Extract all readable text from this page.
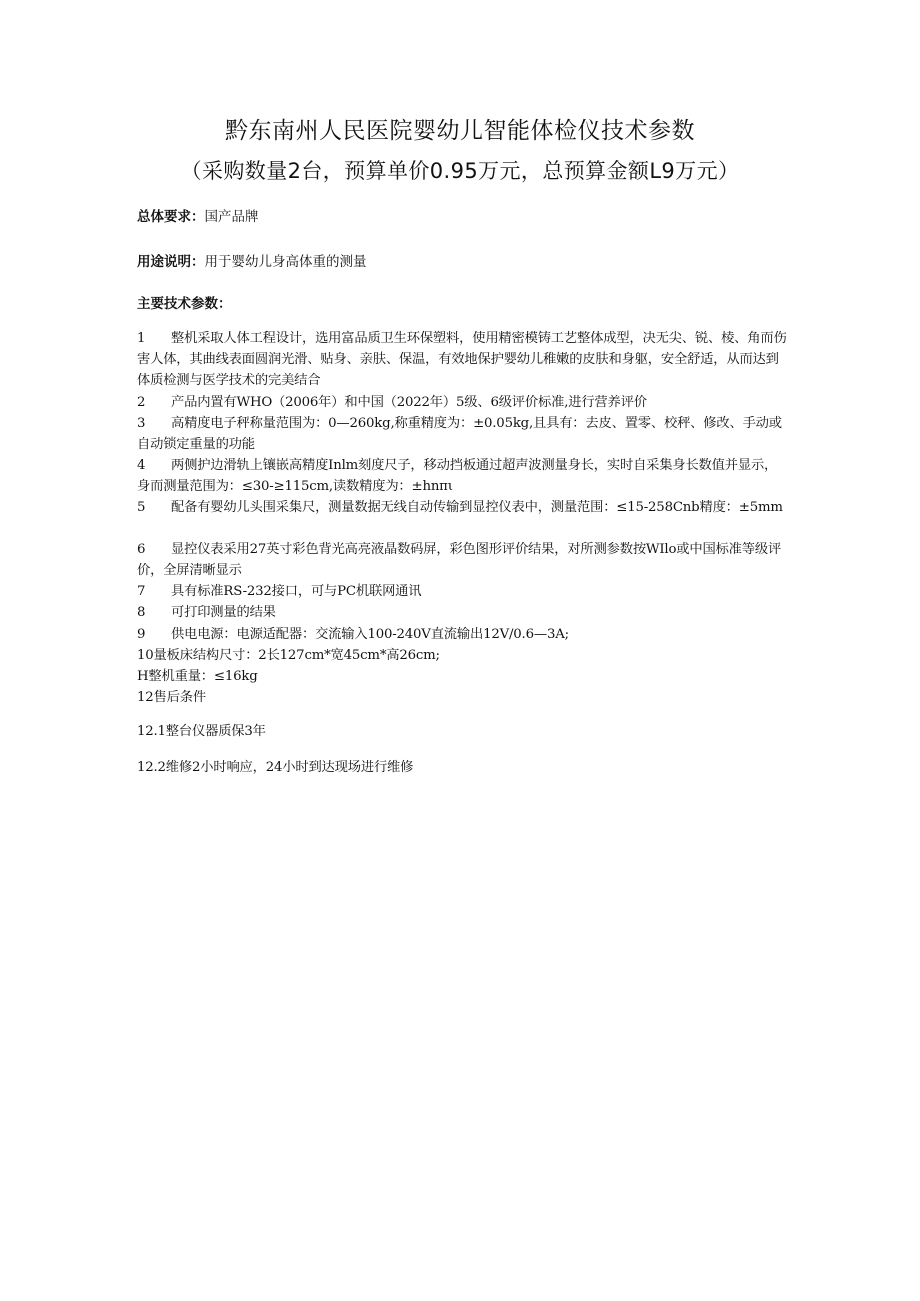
黔东南州人民医院婴幼儿智能体检仪技术参数
（采购数量2台，预算单价0.95万元，总预算金额L9万元）
总体要求：国产品牌
用途说明：用于婴幼儿身高体重的测量
主要技术参数：
1 整机采取人体工程设计，选用富品质卫生环保塑料，使用精密模铸工艺整体成型，决无尖、锐、棱、角而伤害人体，其曲线表面圆润光滑、贴身、亲肤、保温，有效地保护婴幼儿稚嫩的皮肤和身躯，安全舒适，从而达到体质检测与医学技术的完美结合
2 产品内置有WHO（2006年）和中国（2022年）5级、6级评价标准,进行营养评价
3 高精度电子秤称量范围为：0—260kg,称重精度为：±0.05kg,且具有：去皮、置零、校秤、修改、手动或自动锁定重量的功能
4 两侧护边滑轨上镶嵌高精度Inlm刻度尺子，移动挡板通过超声波测量身长，实时自采集身长数值并显示，身而测量范围为：≤30-≥115cm,读数精度为：±hnπι
5 配备有婴幼儿头围采集尺，测量数据无线自动传输到显控仪表中，测量范围：≤15-258Cnb精度：±5mm
6 显控仪表采用27英寸彩色背光高亮液晶数码屏，彩色图形评价结果，对所测参数按WIlo或中国标准等级评价，全屏清晰显示
7 具有标准RS-232接口，可与PC机联网通讯
8 可打印测量的结果
9 供电电源：电源适配器：交流输入100-240V直流输出12V/0.6—3A;
10量板床结构尺寸：2长127cm*宽45cm*高26cm;
H整机重量：≤16kg
12售后条件
12.1整台仪器质保3年
12.2维修2小时响应，24小时到达现场进行维修
